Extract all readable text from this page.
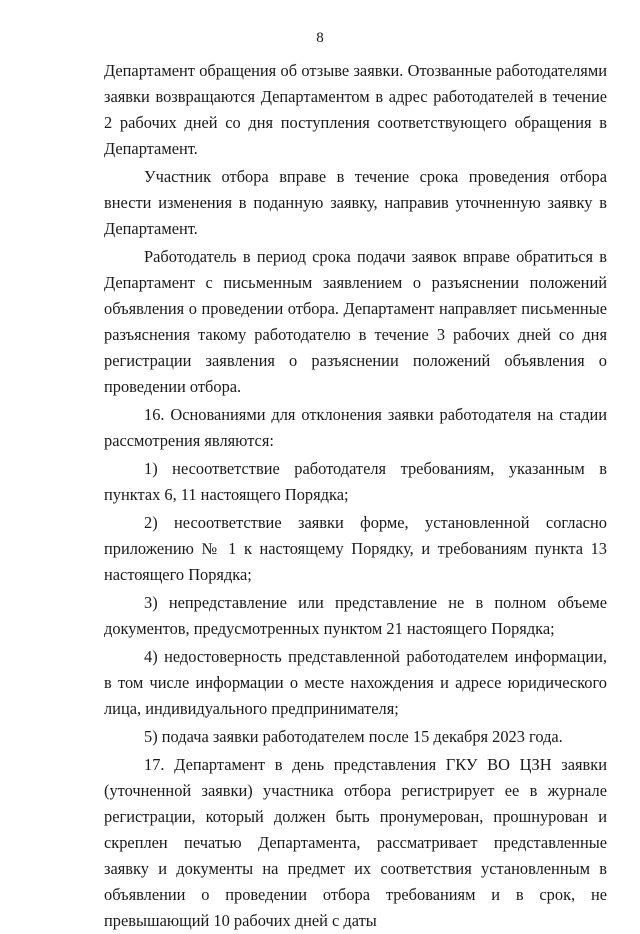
8

Департамент обращения об отзыве заявки. Отозванные работодателями заявки возвращаются Департаментом в адрес работодателей в течение 2 рабочих дней со дня поступления соответствующего обращения в Департамент.

Участник отбора вправе в течение срока проведения отбора внести изменения в поданную заявку, направив уточненную заявку в Департамент.

Работодатель в период срока подачи заявок вправе обратиться в Департамент с письменным заявлением о разъяснении положений объявления о проведении отбора. Департамент направляет письменные разъяснения такому работодателю в течение 3 рабочих дней со дня регистрации заявления о разъяснении положений объявления о проведении отбора.

16. Основаниями для отклонения заявки работодателя на стадии рассмотрения являются:

1) несоответствие работодателя требованиям, указанным в пунктах 6, 11 настоящего Порядка;

2) несоответствие заявки форме, установленной согласно приложению № 1 к настоящему Порядку, и требованиям пункта 13 настоящего Порядка;

3) непредставление или представление не в полном объеме документов, предусмотренных пунктом 21 настоящего Порядка;

4) недостоверность представленной работодателем информации, в том числе информации о месте нахождения и адресе юридического лица, индивидуального предпринимателя;

5) подача заявки работодателем после 15 декабря 2023 года.

17. Департамент в день представления ГКУ ВО ЦЗН заявки (уточненной заявки) участника отбора регистрирует ее в журнале регистрации, который должен быть пронумерован, прошнурован и скреплен печатью Департамента, рассматривает представленные заявку и документы на предмет их соответствия установленным в объявлении о проведении отбора требованиям и в срок, не превышающий 10 рабочих дней с даты
